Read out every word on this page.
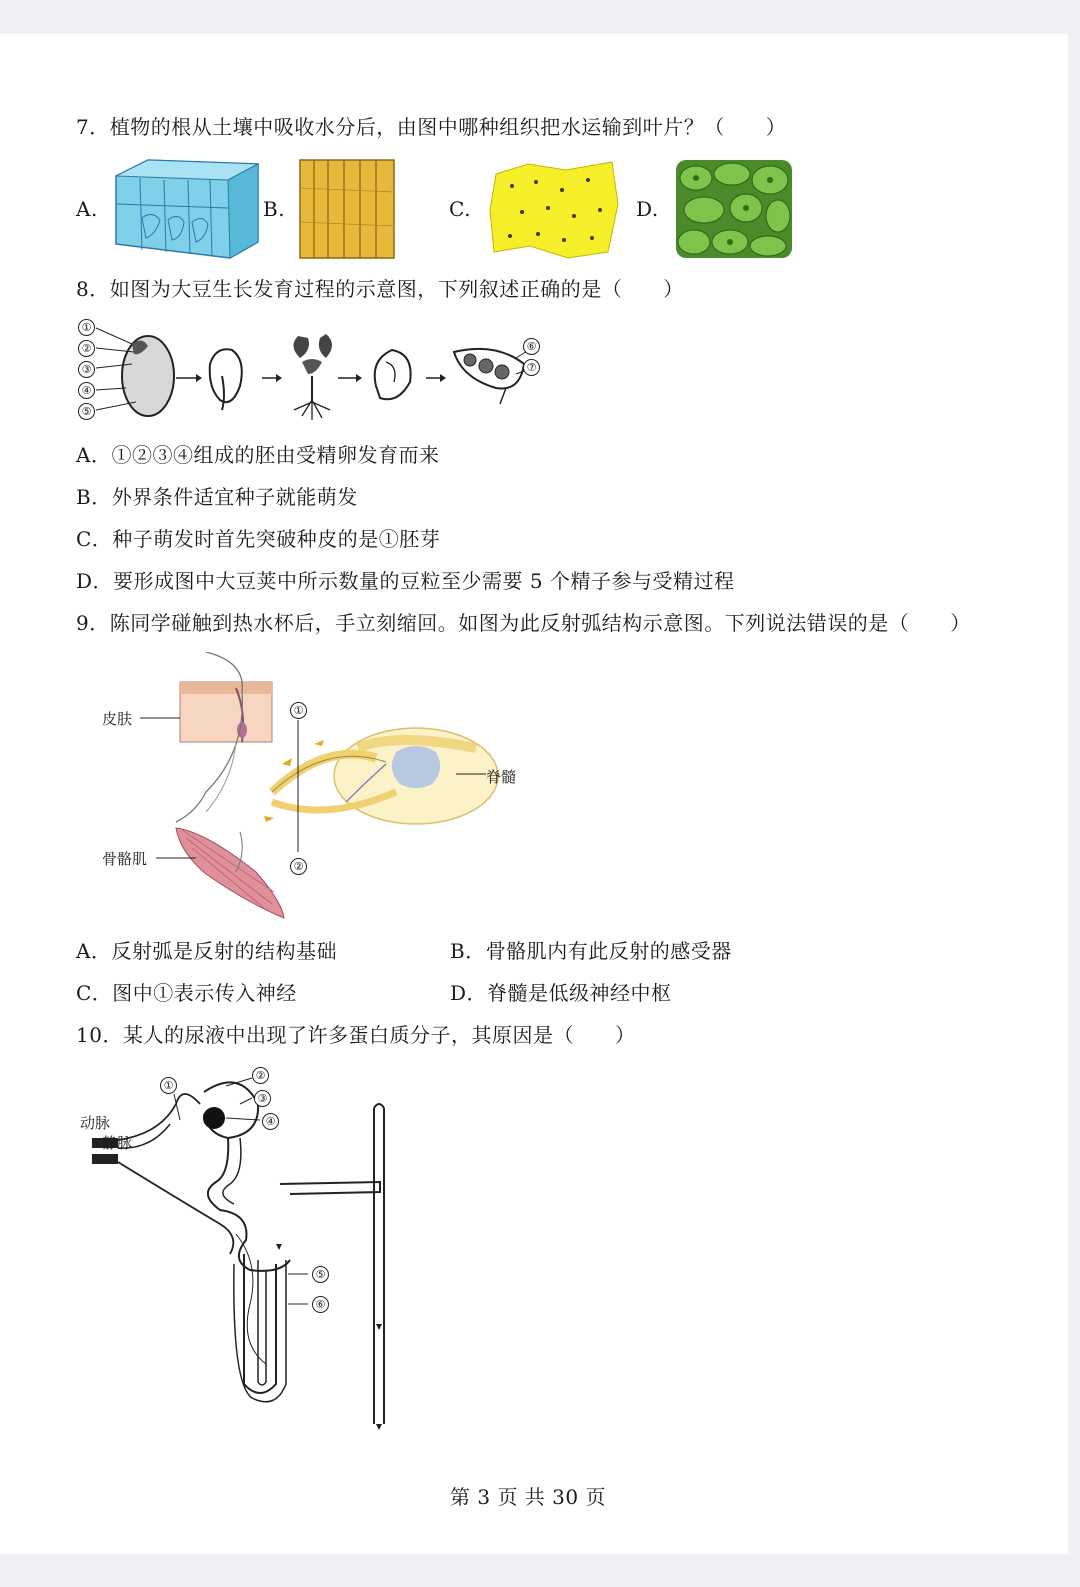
7．植物的根从土壤中吸收水分后，由图中哪种组织把水运输到叶片？（　　）
A.	B.	C.	D.
8．如图为大豆生长发育过程的示意图，下列叙述正确的是（　　）
①
②
③
④
⑤
⑥
⑦
A．①②③④组成的胚由受精卵发育而来
B．外界条件适宜种子就能萌发
C．种子萌发时首先突破种皮的是①胚芽
D．要形成图中大豆荚中所示数量的豆粒至少需要 5 个精子参与受精过程
9．陈同学碰触到热水杯后，手立刻缩回。如图为此反射弧结构示意图。下列说法错误的是（　　）
皮肤
脊髓
骨骼肌
①
②
A．反射弧是反射的结构基础	B．骨骼肌内有此反射的感受器
C．图中①表示传入神经	D．脊髓是低级神经中枢
10．某人的尿液中出现了许多蛋白质分子，其原因是（　　）
动脉
静脉
①
②
③
④
⑤
⑥
第 3 页 共 30 页
